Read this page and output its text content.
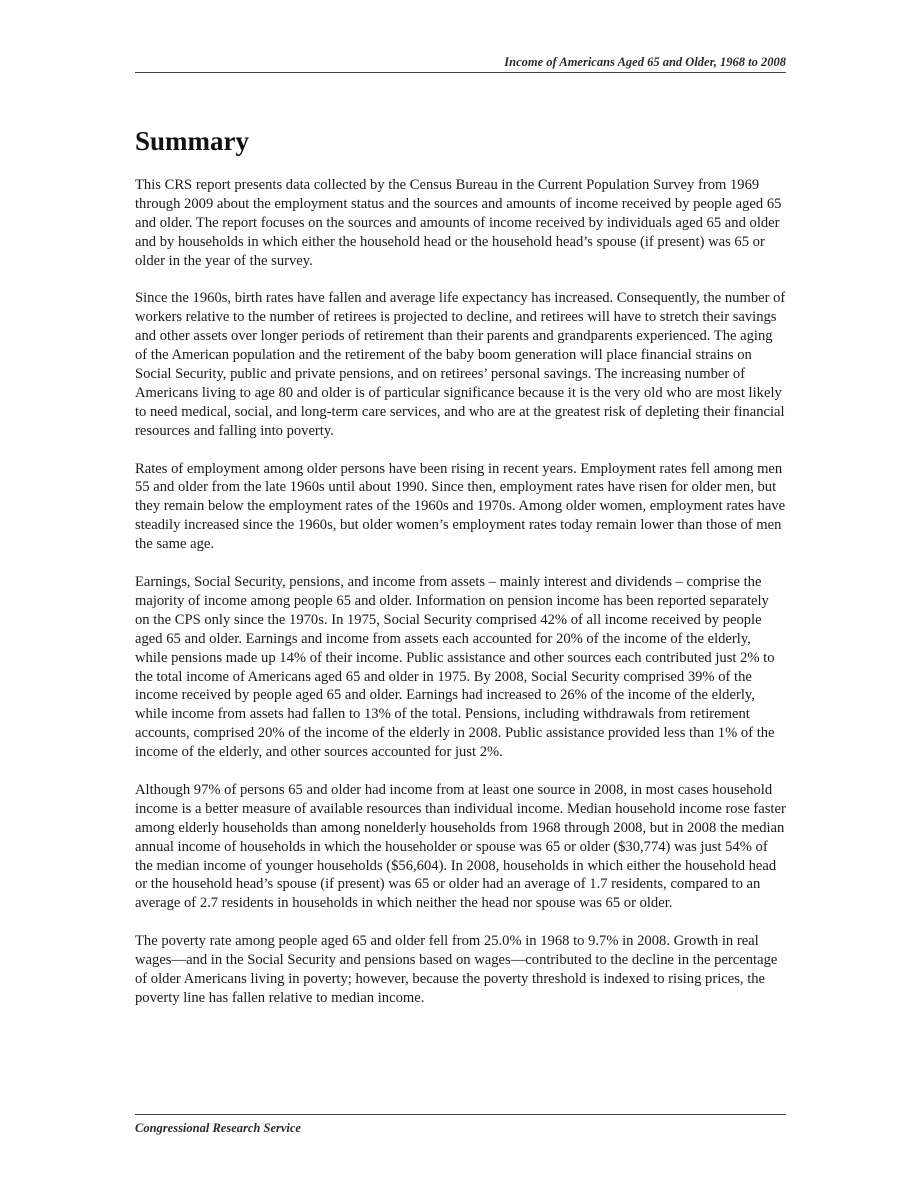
Income of Americans Aged 65 and Older, 1968 to 2008
Summary

This CRS report presents data collected by the Census Bureau in the Current Population Survey from 1969 through 2009 about the employment status and the sources and amounts of income received by people aged 65 and older. The report focuses on the sources and amounts of income received by individuals aged 65 and older and by households in which either the household head or the household head’s spouse (if present) was 65 or older in the year of the survey.

Since the 1960s, birth rates have fallen and average life expectancy has increased. Consequently, the number of workers relative to the number of retirees is projected to decline, and retirees will have to stretch their savings and other assets over longer periods of retirement than their parents and grandparents experienced. The aging of the American population and the retirement of the baby boom generation will place financial strains on Social Security, public and private pensions, and on retirees’ personal savings. The increasing number of Americans living to age 80 and older is of particular significance because it is the very old who are most likely to need medical, social, and long-term care services, and who are at the greatest risk of depleting their financial resources and falling into poverty.

Rates of employment among older persons have been rising in recent years. Employment rates fell among men 55 and older from the late 1960s until about 1990. Since then, employment rates have risen for older men, but they remain below the employment rates of the 1960s and 1970s. Among older women, employment rates have steadily increased since the 1960s, but older women’s employment rates today remain lower than those of men the same age.

Earnings, Social Security, pensions, and income from assets – mainly interest and dividends – comprise the majority of income among people 65 and older. Information on pension income has been reported separately on the CPS only since the 1970s. In 1975, Social Security comprised 42% of all income received by people aged 65 and older. Earnings and income from assets each accounted for 20% of the income of the elderly, while pensions made up 14% of their income. Public assistance and other sources each contributed just 2% to the total income of Americans aged 65 and older in 1975. By 2008, Social Security comprised 39% of the income received by people aged 65 and older. Earnings had increased to 26% of the income of the elderly, while income from assets had fallen to 13% of the total. Pensions, including withdrawals from retirement accounts, comprised 20% of the income of the elderly in 2008. Public assistance provided less than 1% of the income of the elderly, and other sources accounted for just 2%.

Although 97% of persons 65 and older had income from at least one source in 2008, in most cases household income is a better measure of available resources than individual income. Median household income rose faster among elderly households than among nonelderly households from 1968 through 2008, but in 2008 the median annual income of households in which the householder or spouse was 65 or older ($30,774) was just 54% of the median income of younger households ($56,604). In 2008, households in which either the household head or the household head’s spouse (if present) was 65 or older had an average of 1.7 residents, compared to an average of 2.7 residents in households in which neither the head nor spouse was 65 or older.

The poverty rate among people aged 65 and older fell from 25.0% in 1968 to 9.7% in 2008. Growth in real wages—and in the Social Security and pensions based on wages—contributed to the decline in the percentage of older Americans living in poverty; however, because the poverty threshold is indexed to rising prices, the poverty line has fallen relative to median income.

Congressional Research Service
